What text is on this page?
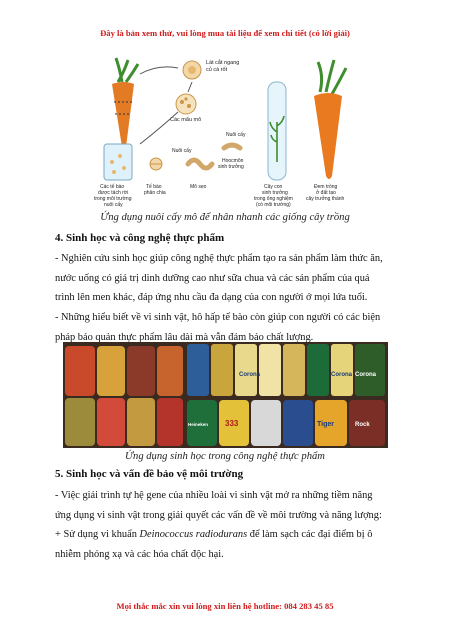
Đây là bản xem thử, vui lòng mua tài liệu để xem chi tiết (có lời giải)
Lát cắt ngang
củ cà rốt
Các mẩu mô
Các tế bào
được tách rời
trong môi trường
nuôi cấy
Tế bào
phân chia
Mô sẹo
Nuôi cấy
Nuôi cấy
Hoocmôn
sinh trưởng
Cây con
sinh trưởng
trong ống nghiệm
(có môi trường)
Đem trồng
ở đất tạo
cây trưởng thành
Ứng dụng nuôi cấy mô để nhân nhanh các giống cây trồng
4. Sinh học và công nghệ thực phẩm
- Nghiên cứu sinh học giúp công nghệ thực phẩm tạo ra sản phẩm làm thức ăn,
nước uống có giá trị dinh dưỡng cao như sữa chua và các sản phẩm của quá
trình lên men khác, đáp ứng nhu cầu đa dạng của con người ở mọi lứa tuổi.
- Những hiểu biết về vi sinh vật, hô hấp tế bào còn giúp con người có các biện
pháp bảo quản thực phẩm lâu dài mà vẫn đảm bảo chất lượng.
Corona	Corona Corona
333	Tiger
Heineken	Rock
Ứng dụng sinh học trong công nghệ thực phẩm
5. Sinh học và vấn đề bảo vệ môi trường
- Việc giải trình tự hệ gene của nhiều loài vi sinh vật mở ra những tiềm năng
ứng dụng vi sinh vật trong giải quyết các vấn đề về môi trường và năng lượng:
+ Sử dụng vi khuẩn Deinococcus radiodurans để làm sạch các đại điểm bị ô
nhiễm phóng xạ và các hóa chất độc hại.
Mọi thắc mắc xin vui lòng xin liên hệ hotline: 084 283 45 85
